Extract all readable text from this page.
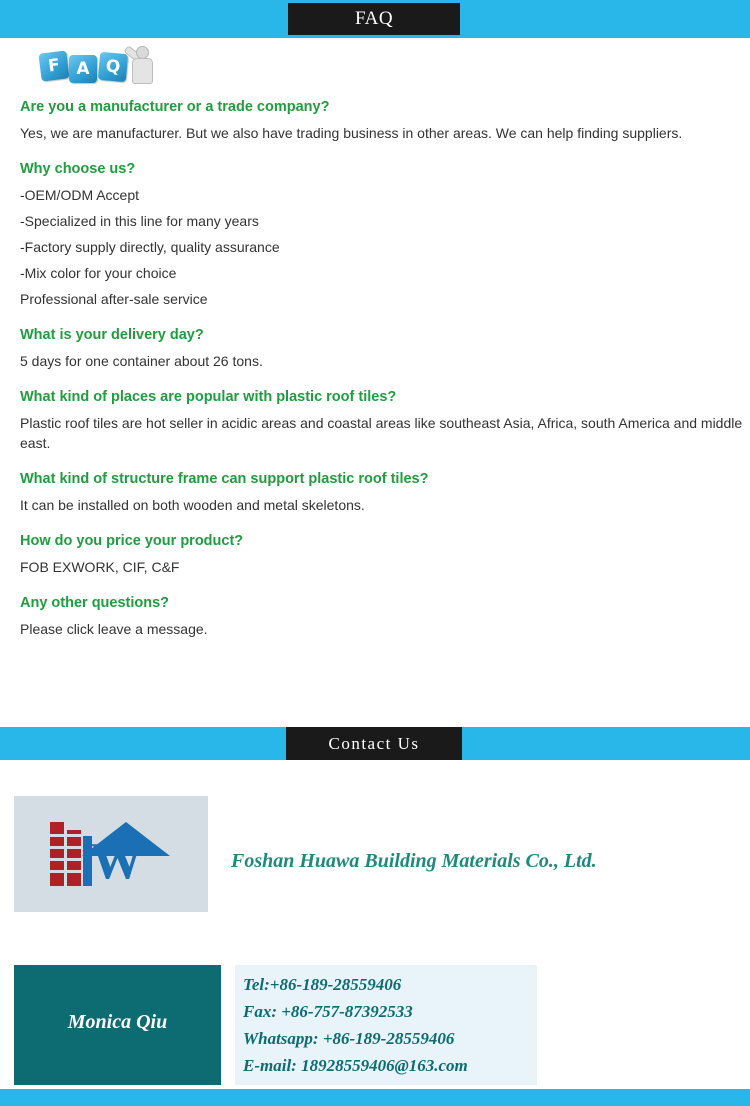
FAQ
F A Q

Are you a manufacturer or a trade company?

Yes, we are manufacturer. But we also have trading business in other areas. We can help finding suppliers.

Why choose us?

-OEM/ODM Accept

-Specialized in this line for many years

-Factory supply directly, quality assurance

-Mix color for your choice

Professional after-sale service

What is your delivery day?

5 days for one container about 26 tons.

What kind of places are popular with plastic roof tiles?

Plastic roof tiles are hot seller in acidic areas and coastal areas like southeast Asia, Africa, south America and middle east.

What kind of structure frame can support plastic roof tiles?

It can be installed on both wooden and metal skeletons.

How do you price your product?

FOB EXWORK, CIF, C&F

Any other questions?

Please click leave a message.

Contact Us
W	Foshan Huawa Building Materials Co., Ltd.
Monica Qiu
Tel:+86-189-28559406
Fax: +86-757-87392533
Whatsapp: +86-189-28559406
E-mail: 18928559406@163.com
